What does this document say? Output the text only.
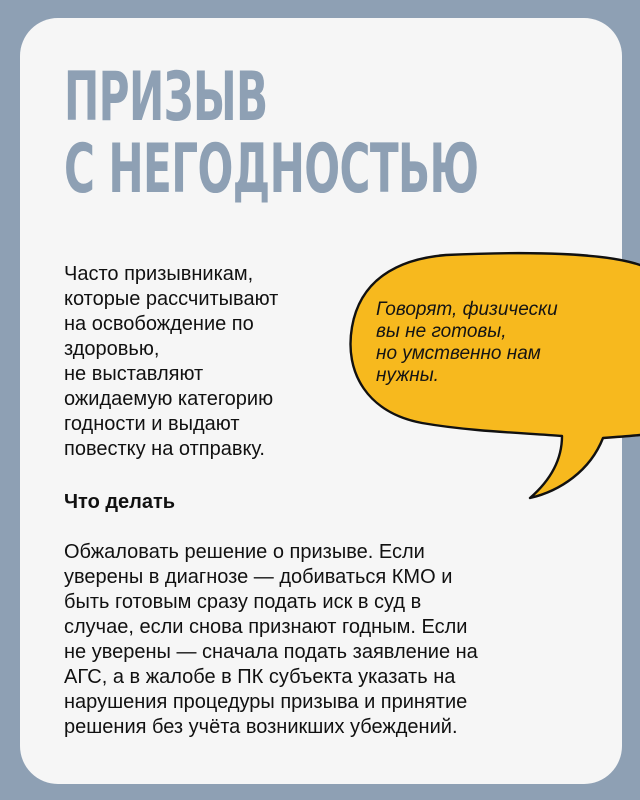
ПРИЗЫВ
С НЕГОДНОСТЬЮ

Часто призывникам,
которые рассчитывают
на освобождение по
здоровью,
не выставляют
ожидаемую категорию
годности и выдают
повестку на отправку.

Что делать

Обжаловать решение о призыве. Если
уверены в диагнозе — добиваться КМО и
быть готовым сразу подать иск в суд в
случае, если снова признают годным. Если
не уверены — сначала подать заявление на
АГС, а в жалобе в ПК субъекта указать на
нарушения процедуры призыва и принятие
решения без учёта возникших убеждений.

Говорят, физически
вы не готовы,
но умственно нам
нужны.
